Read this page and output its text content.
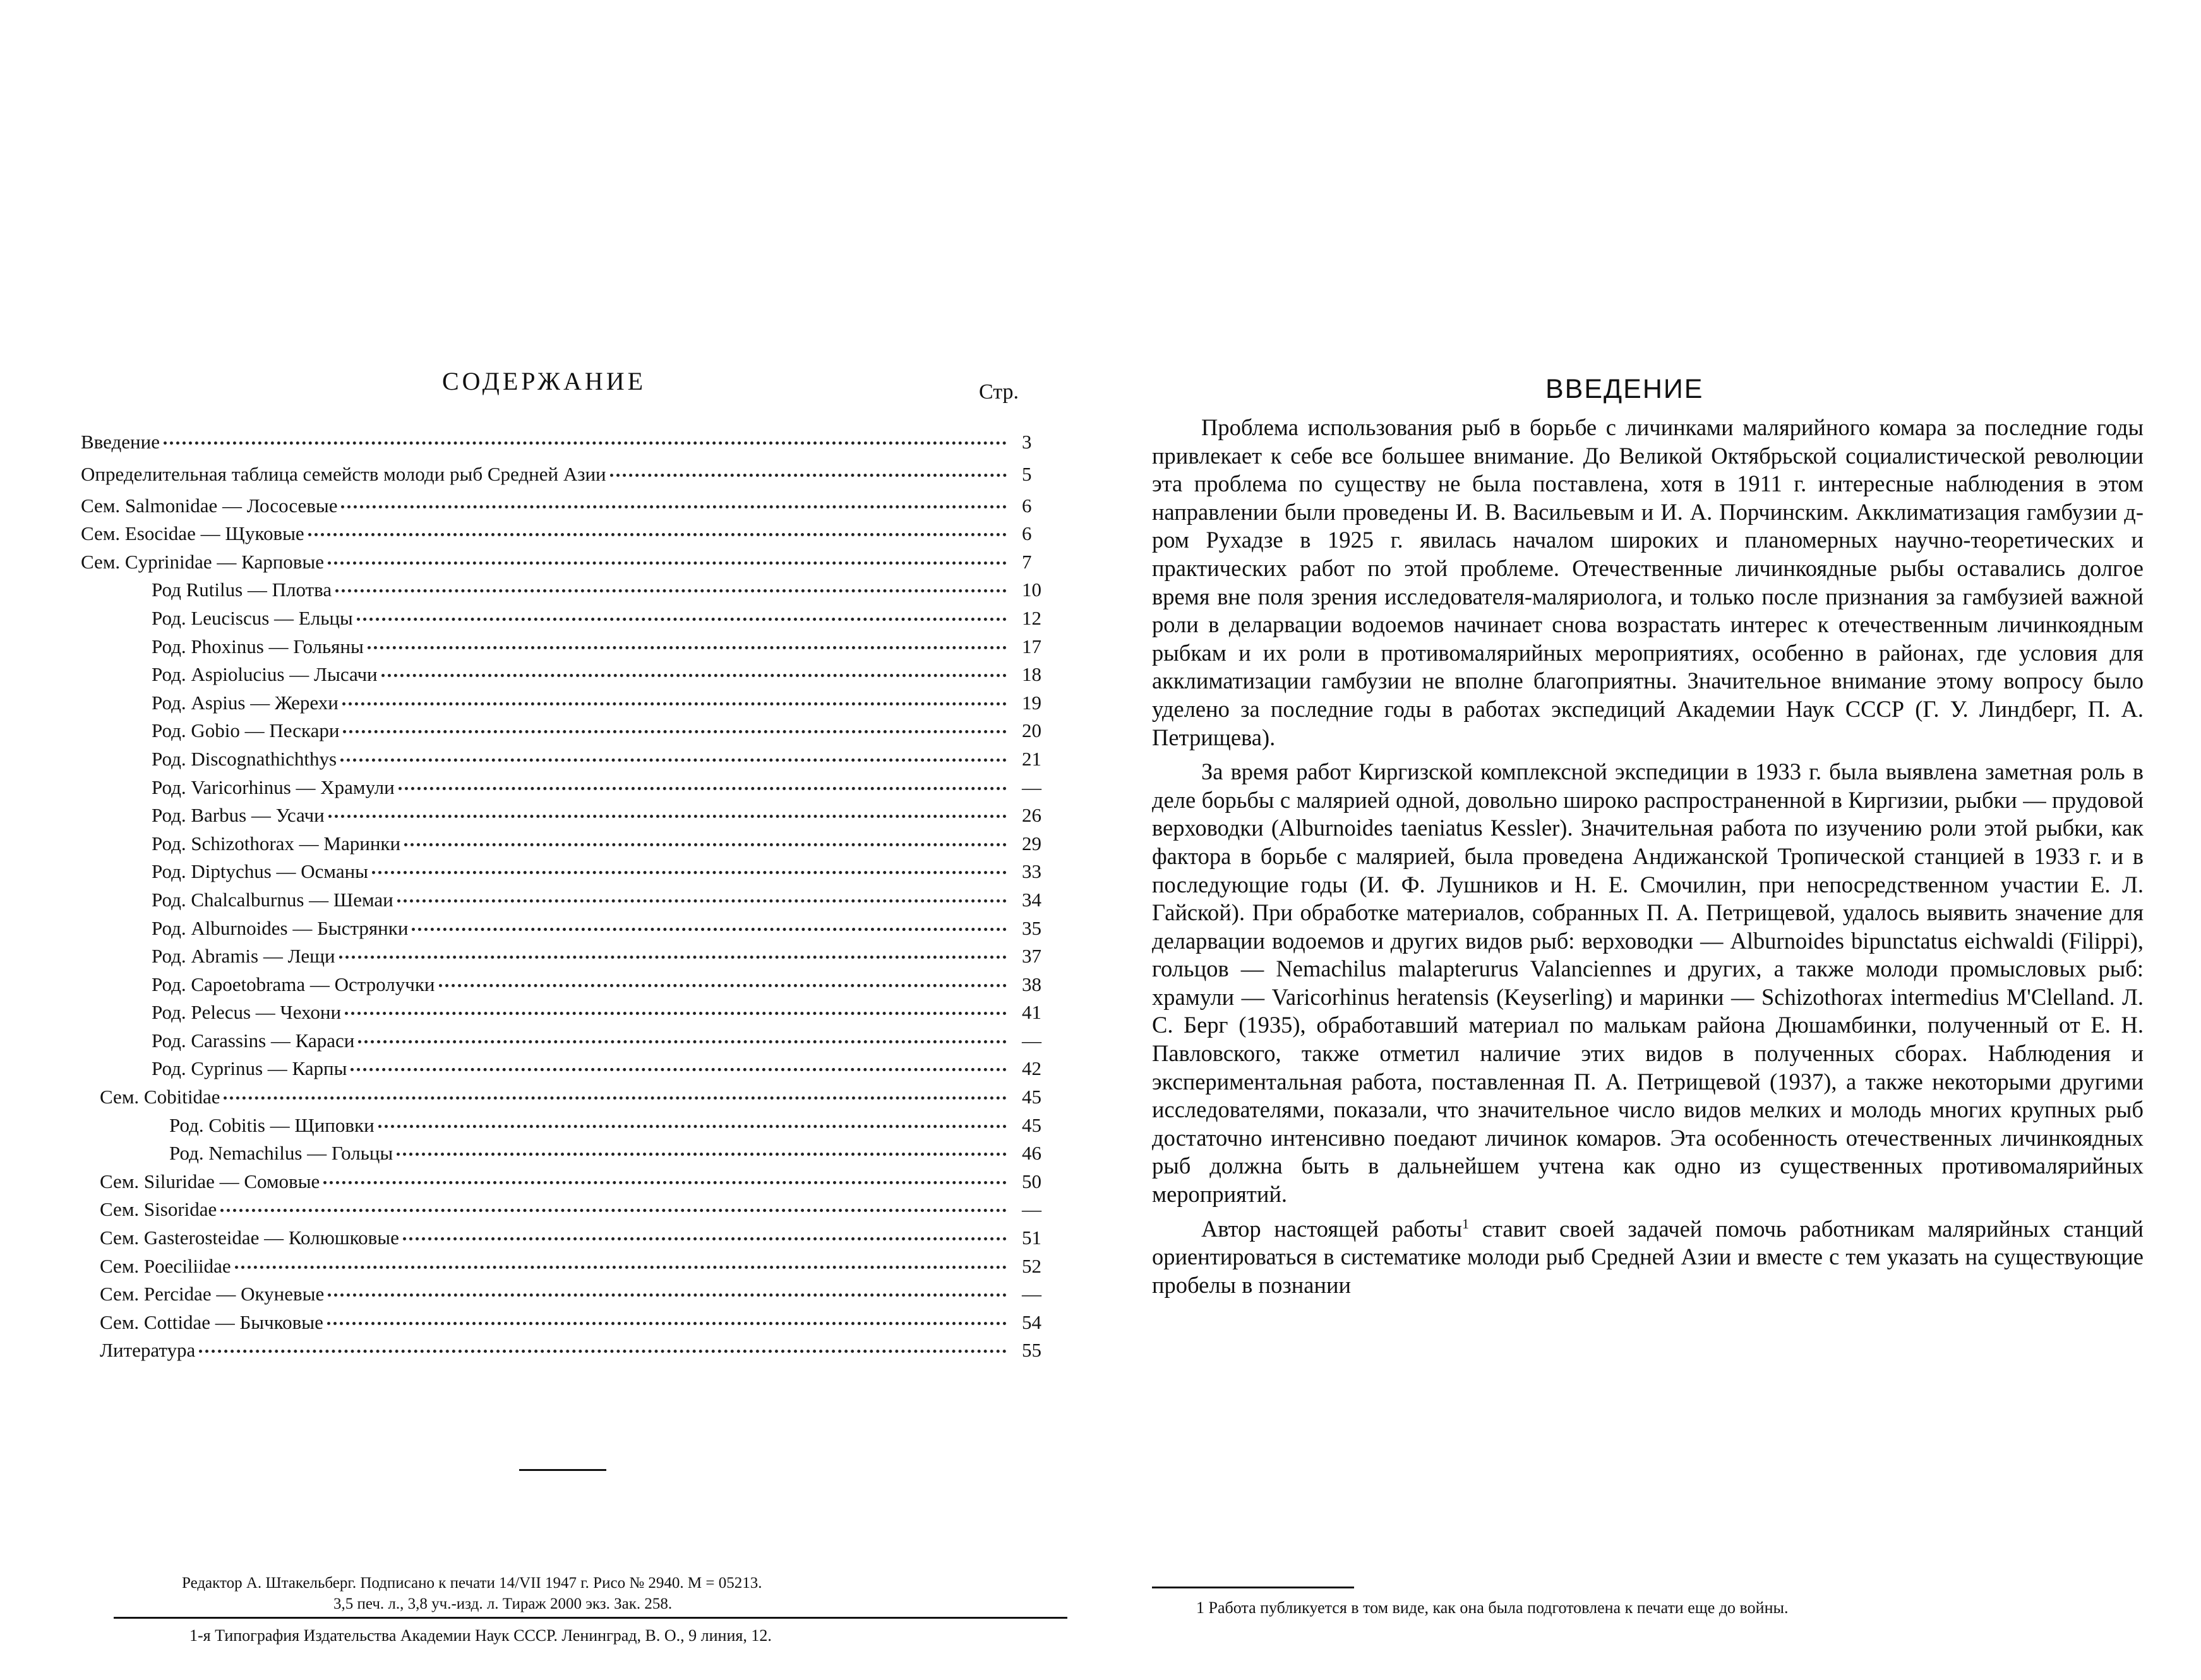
СОДЕРЖАНИЕ	Стр.
Введение	3
Определительная таблица семейств молоди рыб Средней Азии	5
Сем. Salmonidae — Лососевые	6
Сем. Esocidae — Щуковые	6
Сем. Cyprinidae — Карповые	7
Род Rutilus — Плотва	10
Род. Leuciscus — Ельцы	12
Род. Phoxinus — Гольяны	17
Род. Aspiolucius — Лысачи	18
Род. Aspius — Жерехи	19
Род. Gobio — Пескари	20
Род. Discognathichthys	21
Род. Varicorhinus — Храмули	—
Род. Barbus — Усачи	26
Род. Schizothorax — Маринки	29
Род. Diptychus — Османы	33
Род. Chalcalburnus — Шемаи	34
Род. Alburnoides — Быстрянки	35
Род. Abramis — Лещи	37
Род. Capoetobrama — Остролучки	38
Род. Pelecus — Чехони	41
Род. Carassins — Караси	—
Род. Cyprinus — Карпы	42
Сем. Cobitidae	45
Род. Cobitis — Щиповки	45
Род. Nemachilus — Гольцы	46
Сем. Siluridae — Сомовые	50
Сем. Sisoridae	—
Сем. Gasterosteidae — Колюшковые	51
Сем. Poeciliidae	52
Сем. Percidae — Окуневые	—
Сем. Cottidae — Бычковые	54
Литература	55
Редактор А. Штакельберг. Подписано к печати 14/VII 1947 г. Рисо № 2940. М = 05213.
3,5 печ. л., 3,8 уч.-изд. л. Тираж 2000 экз. Зак. 258.
1-я Типография Издательства Академии Наук СССР. Ленинград, В. О., 9 линия, 12.
ВВЕДЕНИЕ

Проблема использования рыб в борьбе с личинками малярийного комара за последние годы привлекает к себе все большее внимание. До Великой Октябрьской социалистической революции эта проблема по существу не была поставлена, хотя в 1911 г. интересные наблюдения в этом направлении были проведены И. В. Васильевым и И. А. Порчинским. Акклиматизация гамбузии д-ром Рухадзе в 1925 г. явилась началом широких и планомерных научно-теоретических и практических работ по этой проблеме. Отечественные личинкоядные рыбы оставались долгое время вне поля зрения исследователя-маляриолога, и только после признания за гамбузией важной роли в деларвации водоемов начинает снова возрастать интерес к отечественным личинкоядным рыбкам и их роли в противомалярийных мероприятиях, особенно в районах, где условия для акклиматизации гамбузии не вполне благоприятны. Значительное внимание этому вопросу было уделено за последние годы в работах экспедиций Академии Наук СССР (Г. У. Линдберг, П. А. Петрищева).

За время работ Киргизской комплексной экспедиции в 1933 г. была выявлена заметная роль в деле борьбы с малярией одной, довольно широко распространенной в Киргизии, рыбки — прудовой верховодки (Alburnoides taeniatus Kessler). Значительная работа по изучению роли этой рыбки, как фактора в борьбе с малярией, была проведена Андижанской Тропической станцией в 1933 г. и в последующие годы (И. Ф. Лушников и Н. Е. Смочилин, при непосредственном участии Е. Л. Гайской). При обработке материалов, собранных П. А. Петрищевой, удалось выявить значение для деларвации водоемов и других видов рыб: верховодки — Alburnoides bipunctatus eichwaldi (Filippi), гольцов — Nemachilus malapterurus Valanciennes и других, а также молоди промысловых рыб: храмули — Varicorhinus heratensis (Keyserling) и маринки — Schizothorax intermedius M'Clelland. Л. С. Берг (1935), обработавший материал по малькам района Дюшамбинки, полученный от Е. Н. Павловского, также отметил наличие этих видов в полученных сборах. Наблюдения и экспериментальная работа, поставленная П. А. Петрищевой (1937), а также некоторыми другими исследователями, показали, что значительное число видов мелких и молодь многих крупных рыб достаточно интенсивно поедают личинок комаров. Эта особенность отечественных личинкоядных рыб должна быть в дальнейшем учтена как одно из существенных противомалярийных мероприятий.

Автор настоящей работы$^1$ ставит своей задачей помочь работникам малярийных станций ориентироваться в систематике молоди рыб Средней Азии и вместе с тем указать на существующие пробелы в познании

1 Работа публикуется в том виде, как она была подготовлена к печати еще до войны.
